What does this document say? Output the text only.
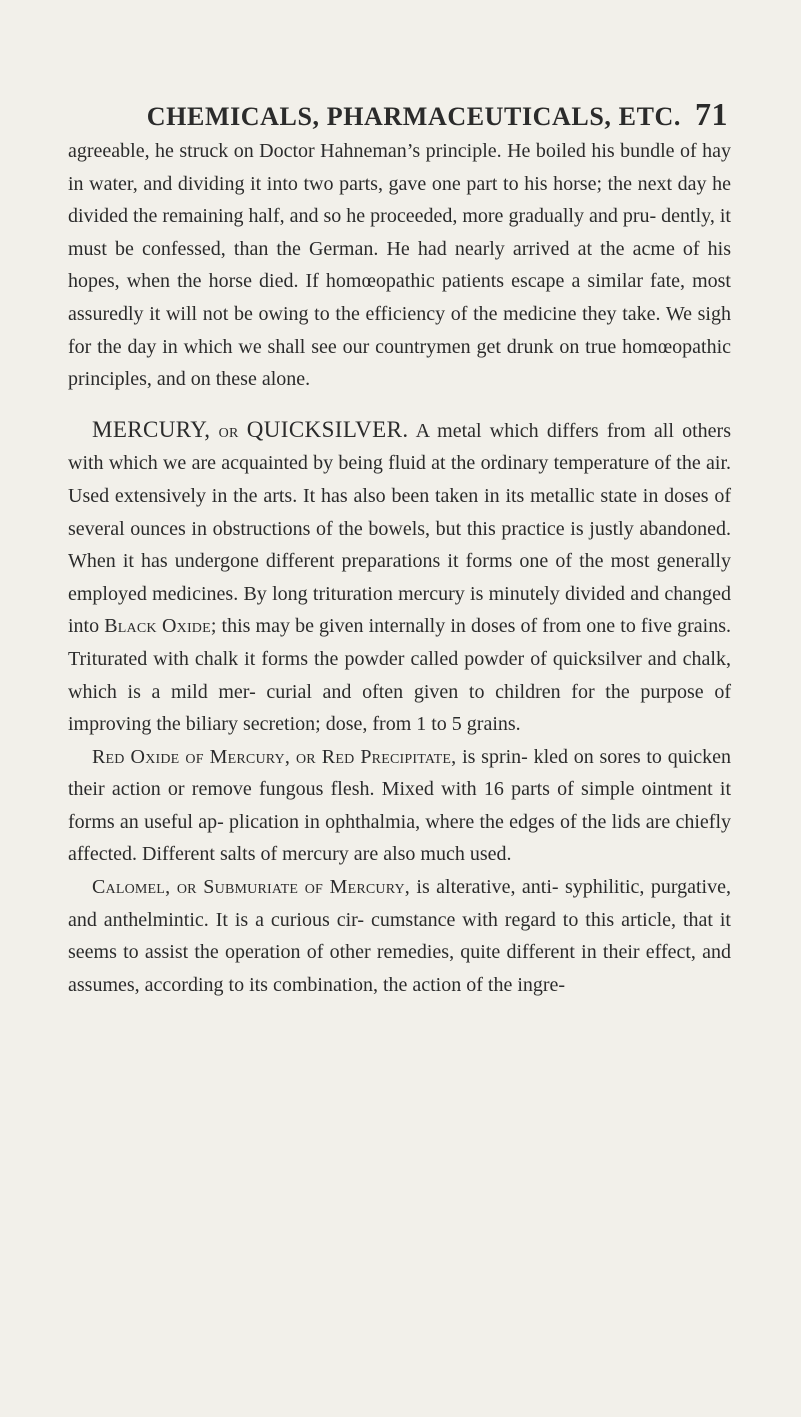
CHEMICALS, PHARMACEUTICALS, ETC. 71

agreeable, he struck on Doctor Hahneman’s principle. He boiled his bundle of hay in water, and dividing it into two parts, gave one part to his horse; the next day he divided the remaining half, and so he proceeded, more gradually and pru- dently, it must be confessed, than the German. He had nearly arrived at the acme of his hopes, when the horse died. If homœopathic patients escape a similar fate, most assuredly it will not be owing to the efficiency of the medicine they take. We sigh for the day in which we shall see our countrymen get drunk on true homœopathic principles, and on these alone.

MERCURY, or QUICKSILVER. A metal which differs from all others with which we are acquainted by being fluid at the ordinary temperature of the air. Used extensively in the arts. It has also been taken in its metallic state in doses of several ounces in obstructions of the bowels, but this practice is justly abandoned. When it has undergone different preparations it forms one of the most generally employed medicines. By long trituration mercury is minutely divided and changed into Black Oxide; this may be given internally in doses of from one to five grains. Triturated with chalk it forms the powder called powder of quicksilver and chalk, which is a mild mer- curial and often given to children for the purpose of improving the biliary secretion; dose, from 1 to 5 grains.

Red Oxide of Mercury, or Red Precipitate, is sprin- kled on sores to quicken their action or remove fungous flesh. Mixed with 16 parts of simple ointment it forms an useful ap- plication in ophthalmia, where the edges of the lids are chiefly affected. Different salts of mercury are also much used.

Calomel, or Submuriate of Mercury, is alterative, anti- syphilitic, purgative, and anthelmintic. It is a curious cir- cumstance with regard to this article, that it seems to assist the operation of other remedies, quite different in their effect, and assumes, according to its combination, the action of the ingre-
